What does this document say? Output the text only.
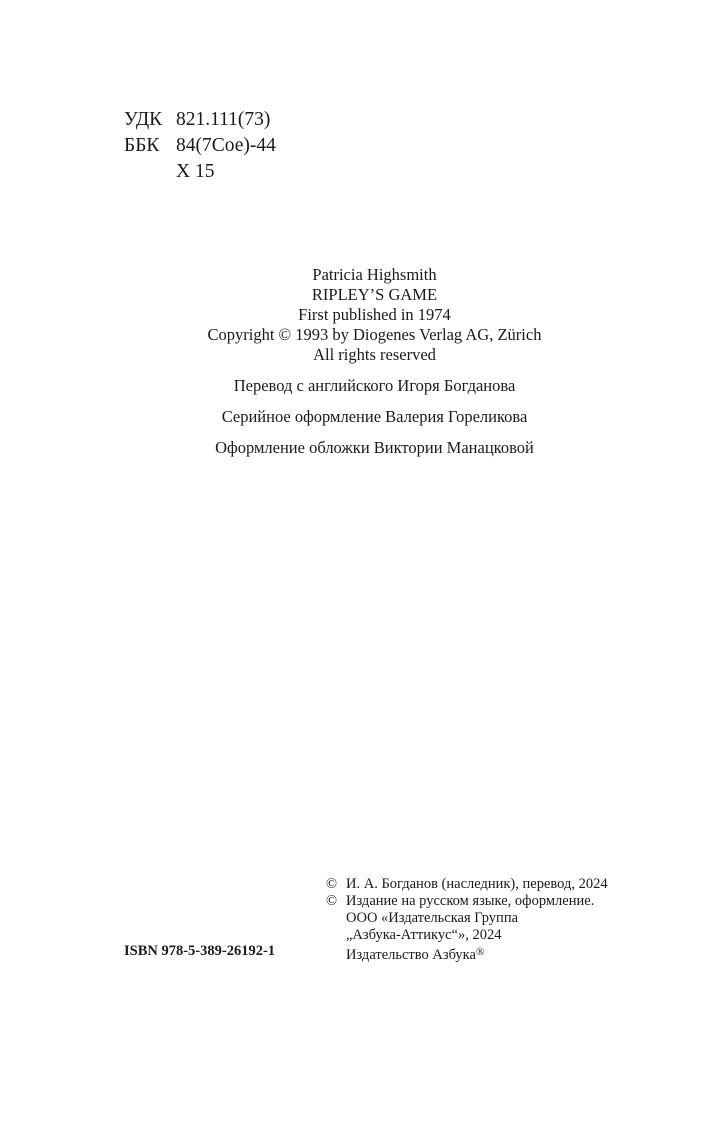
УДК 821.111(73)
ББК 84(7Сое)-44
Х 15
Patricia Highsmith
RIPLEY’S GAME
First published in 1974
Copyright © 1993 by Diogenes Verlag AG, Zürich
All rights reserved
Перевод с английского Игоря Богданова
Серийное оформление Валерия Гореликова
Оформление обложки Виктории Манацковой
ISBN 978-5-389-26192-1
© И. А. Богданов (наследник), перевод, 2024
© Издание на русском языке, оформление.
ООО «Издательская Группа
„Азбука-Аттикус“», 2024
Издательство Азбука®
